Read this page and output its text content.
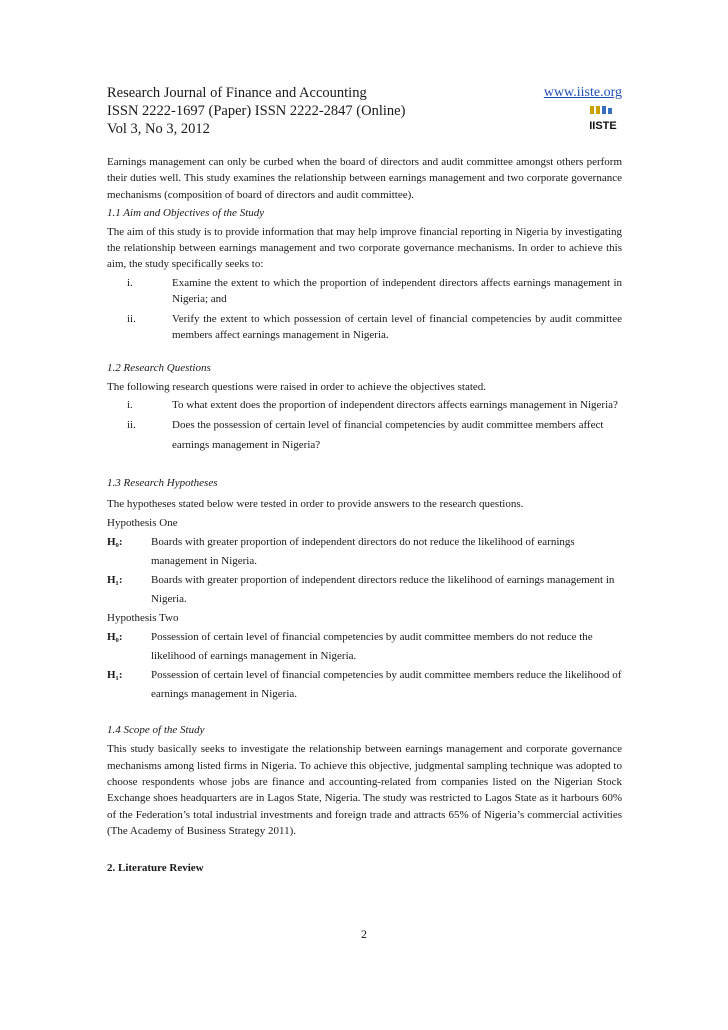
Research Journal of Finance and Accounting
ISSN 2222-1697 (Paper) ISSN 2222-2847 (Online)
Vol 3, No 3, 2012
www.iiste.org
IISTE
Earnings management can only be curbed when the board of directors and audit committee amongst others perform their duties well. This study examines the relationship between earnings management and two corporate governance mechanisms (composition of board of directors and audit committee).
1.1 Aim and Objectives of the Study
The aim of this study is to provide information that may help improve financial reporting in Nigeria by investigating the relationship between earnings management and two corporate governance mechanisms. In order to achieve this aim, the study specifically seeks to:
i.	Examine the extent to which the proportion of independent directors affects earnings management in Nigeria; and
ii.	Verify the extent to which possession of certain level of financial competencies by audit committee members affect earnings management in Nigeria.
1.2 Research Questions
The following research questions were raised in order to achieve the objectives stated.
i.	To what extent does the proportion of independent directors affects earnings management in Nigeria?
ii.	Does the possession of certain level of financial competencies by audit committee members affect earnings management in Nigeria?
1.3 Research Hypotheses
The hypotheses stated below were tested in order to provide answers to the research questions.
Hypothesis One
H₀:	Boards with greater proportion of independent directors do not reduce the likelihood of earnings management in Nigeria.
H₁:	Boards with greater proportion of independent directors reduce the likelihood of earnings management in Nigeria.
Hypothesis Two
H₀:	Possession of certain level of financial competencies by audit committee members do not reduce the likelihood of earnings management in Nigeria.
H₁:	Possession of certain level of financial competencies by audit committee members reduce the likelihood of earnings management in Nigeria.
1.4 Scope of the Study
This study basically seeks to investigate the relationship between earnings management and corporate governance mechanisms among listed firms in Nigeria. To achieve this objective, judgmental sampling technique was adopted to choose respondents whose jobs are finance and accounting-related from companies listed on the Nigerian Stock Exchange shoes headquarters are in Lagos State, Nigeria. The study was restricted to Lagos State as it harbours 60% of the Federation’s total industrial investments and foreign trade and attracts 65% of Nigeria’s commercial activities (The Academy of Business Strategy 2011).
2. Literature Review
2
